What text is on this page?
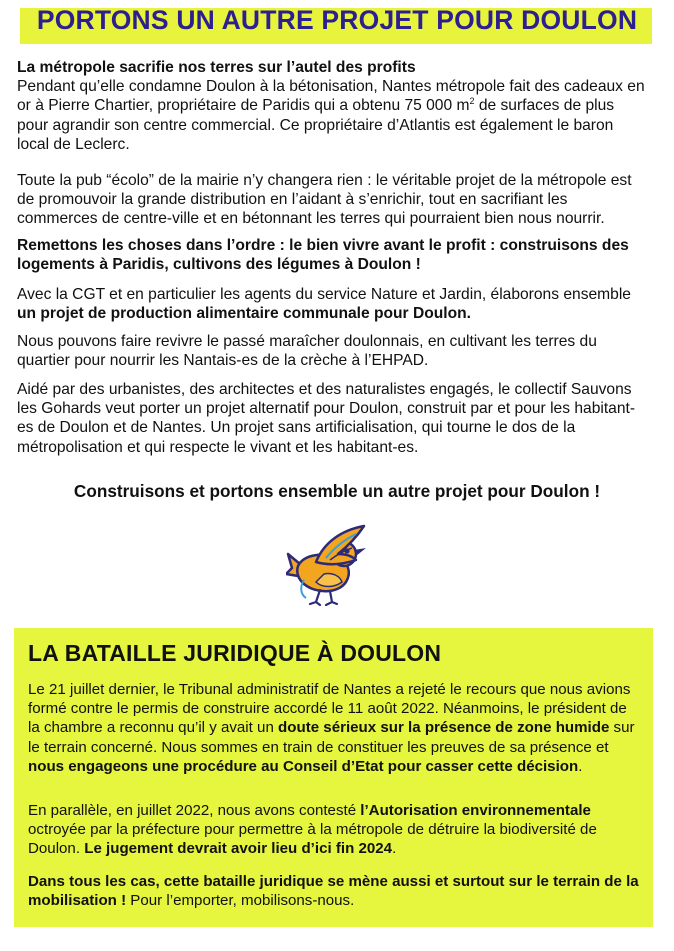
PORTONS UN AUTRE PROJET POUR DOULON

La métropole sacrifie nos terres sur l’autel des profits

Pendant qu’elle condamne Doulon à la bétonisation, Nantes métropole fait des cadeaux en or à Pierre Chartier, propriétaire de Paridis qui a obtenu 75 000 $m^2$ de surfaces de plus pour agrandir son centre commercial. Ce propriétaire d’Atlantis est également le baron local de Leclerc.

Toute la pub “écolo” de la mairie n’y changera rien : le véritable projet de la métropole est de promouvoir la grande distribution en l’aidant à s’enrichir, tout en sacrifiant les commerces de centre-ville et en bétonnant les terres qui pourraient bien nous nourrir.

Remettons les choses dans l’ordre : le bien vivre avant le profit : construisons des logements à Paridis, cultivons des légumes à Doulon !

Avec la CGT et en particulier les agents du service Nature et Jardin, élaborons ensemble un projet de production alimentaire communale pour Doulon.

Nous pouvons faire revivre le passé maraîcher doulonnais, en cultivant les terres du quartier pour nourrir les Nantais-es de la crèche à l’EHPAD.

Aidé par des urbanistes, des architectes et des naturalistes engagés, le collectif Sauvons les Gohards veut porter un projet alternatif pour Doulon, construit par et pour les habitant-es de Doulon et de Nantes. Un projet sans artificialisation, qui tourne le dos de la métropolisation et qui respecte le vivant et les habitant-es.

Construisons et portons ensemble un autre projet pour Doulon !
LA BATAILLE JURIDIQUE À DOULON

Le 21 juillet dernier, le Tribunal administratif de Nantes a rejeté le recours que nous avions formé contre le permis de construire accordé le 11 août 2022. Néanmoins, le président de la chambre a reconnu qu’il y avait un doute sérieux sur la présence de zone humide sur le terrain concerné. Nous sommes en train de constituer les preuves de sa présence et nous engageons une procédure au Conseil d’Etat pour casser cette décision.

En parallèle, en juillet 2022, nous avons contesté l’Autorisation environnementale octroyée par la préfecture pour permettre à la métropole de détruire la biodiversité de Doulon. Le jugement devrait avoir lieu d’ici fin 2024.

Dans tous les cas, cette bataille juridique se mène aussi et surtout sur le terrain de la mobilisation ! Pour l’emporter, mobilisons-nous.
